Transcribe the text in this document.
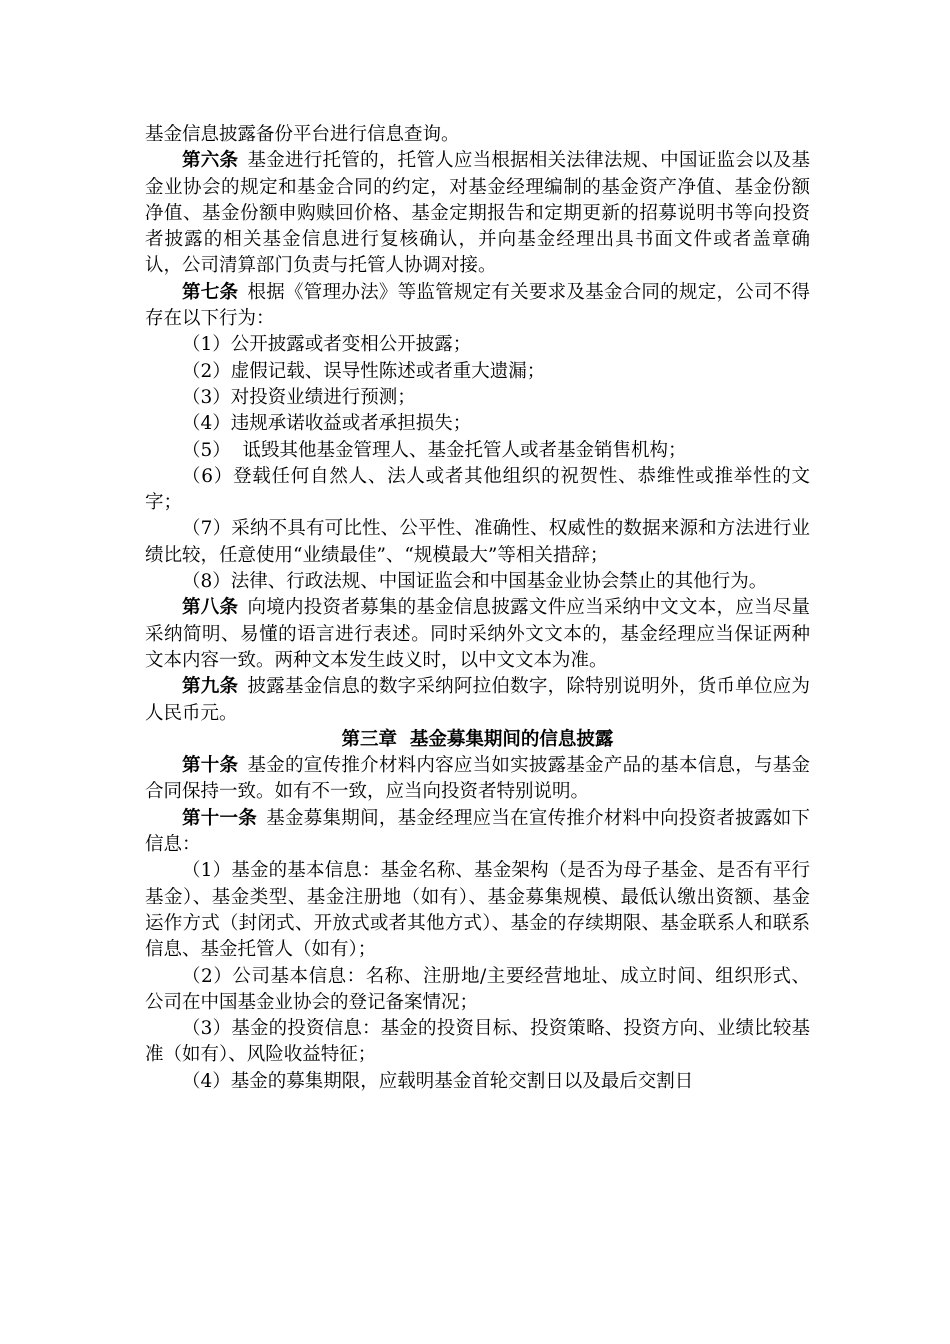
基金信息披露备份平台进行信息查询。

第六条 基金进行托管的，托管人应当根据相关法律法规、中国证监会以及基金业协会的规定和基金合同的约定，对基金经理编制的基金资产净值、基金份额净值、基金份额申购赎回价格、基金定期报告和定期更新的招募说明书等向投资者披露的相关基金信息进行复核确认，并向基金经理出具书面文件或者盖章确认，公司清算部门负责与托管人协调对接。

第七条 根据《管理办法》等监管规定有关要求及基金合同的规定，公司不得存在以下行为：

（1）公开披露或者变相公开披露；

（2）虚假记载、误导性陈述或者重大遗漏；

（3）对投资业绩进行预测；

（4）违规承诺收益或者承担损失；

（5）  诋毁其他基金管理人、基金托管人或者基金销售机构；

（6）登载任何自然人、法人或者其他组织的祝贺性、恭维性或推举性的文字；

（7）采纳不具有可比性、公平性、准确性、权威性的数据来源和方法进行业绩比较，任意使用“业绩最佳”、“规模最大”等相关措辞；

（8）法律、行政法规、中国证监会和中国基金业协会禁止的其他行为。

第八条 向境内投资者募集的基金信息披露文件应当采纳中文文本，应当尽量采纳简明、易懂的语言进行表述。同时采纳外文文本的，基金经理应当保证两种文本内容一致。两种文本发生歧义时，以中文文本为准。

第九条 披露基金信息的数字采纳阿拉伯数字，除特别说明外，货币单位应为人民币元。

第三章  基金募集期间的信息披露

第十条 基金的宣传推介材料内容应当如实披露基金产品的基本信息，与基金合同保持一致。如有不一致，应当向投资者特别说明。

第十一条 基金募集期间，基金经理应当在宣传推介材料中向投资者披露如下信息：

（1）基金的基本信息：基金名称、基金架构（是否为母子基金、是否有平行基金）、基金类型、基金注册地（如有）、基金募集规模、最低认缴出资额、基金运作方式（封闭式、开放式或者其他方式）、基金的存续期限、基金联系人和联系信息、基金托管人（如有）；

（2）公司基本信息：名称、注册地/主要经营地址、成立时间、组织形式、公司在中国基金业协会的登记备案情况；

（3）基金的投资信息：基金的投资目标、投资策略、投资方向、业绩比较基准（如有）、风险收益特征；

（4）基金的募集期限，应载明基金首轮交割日以及最后交割日
